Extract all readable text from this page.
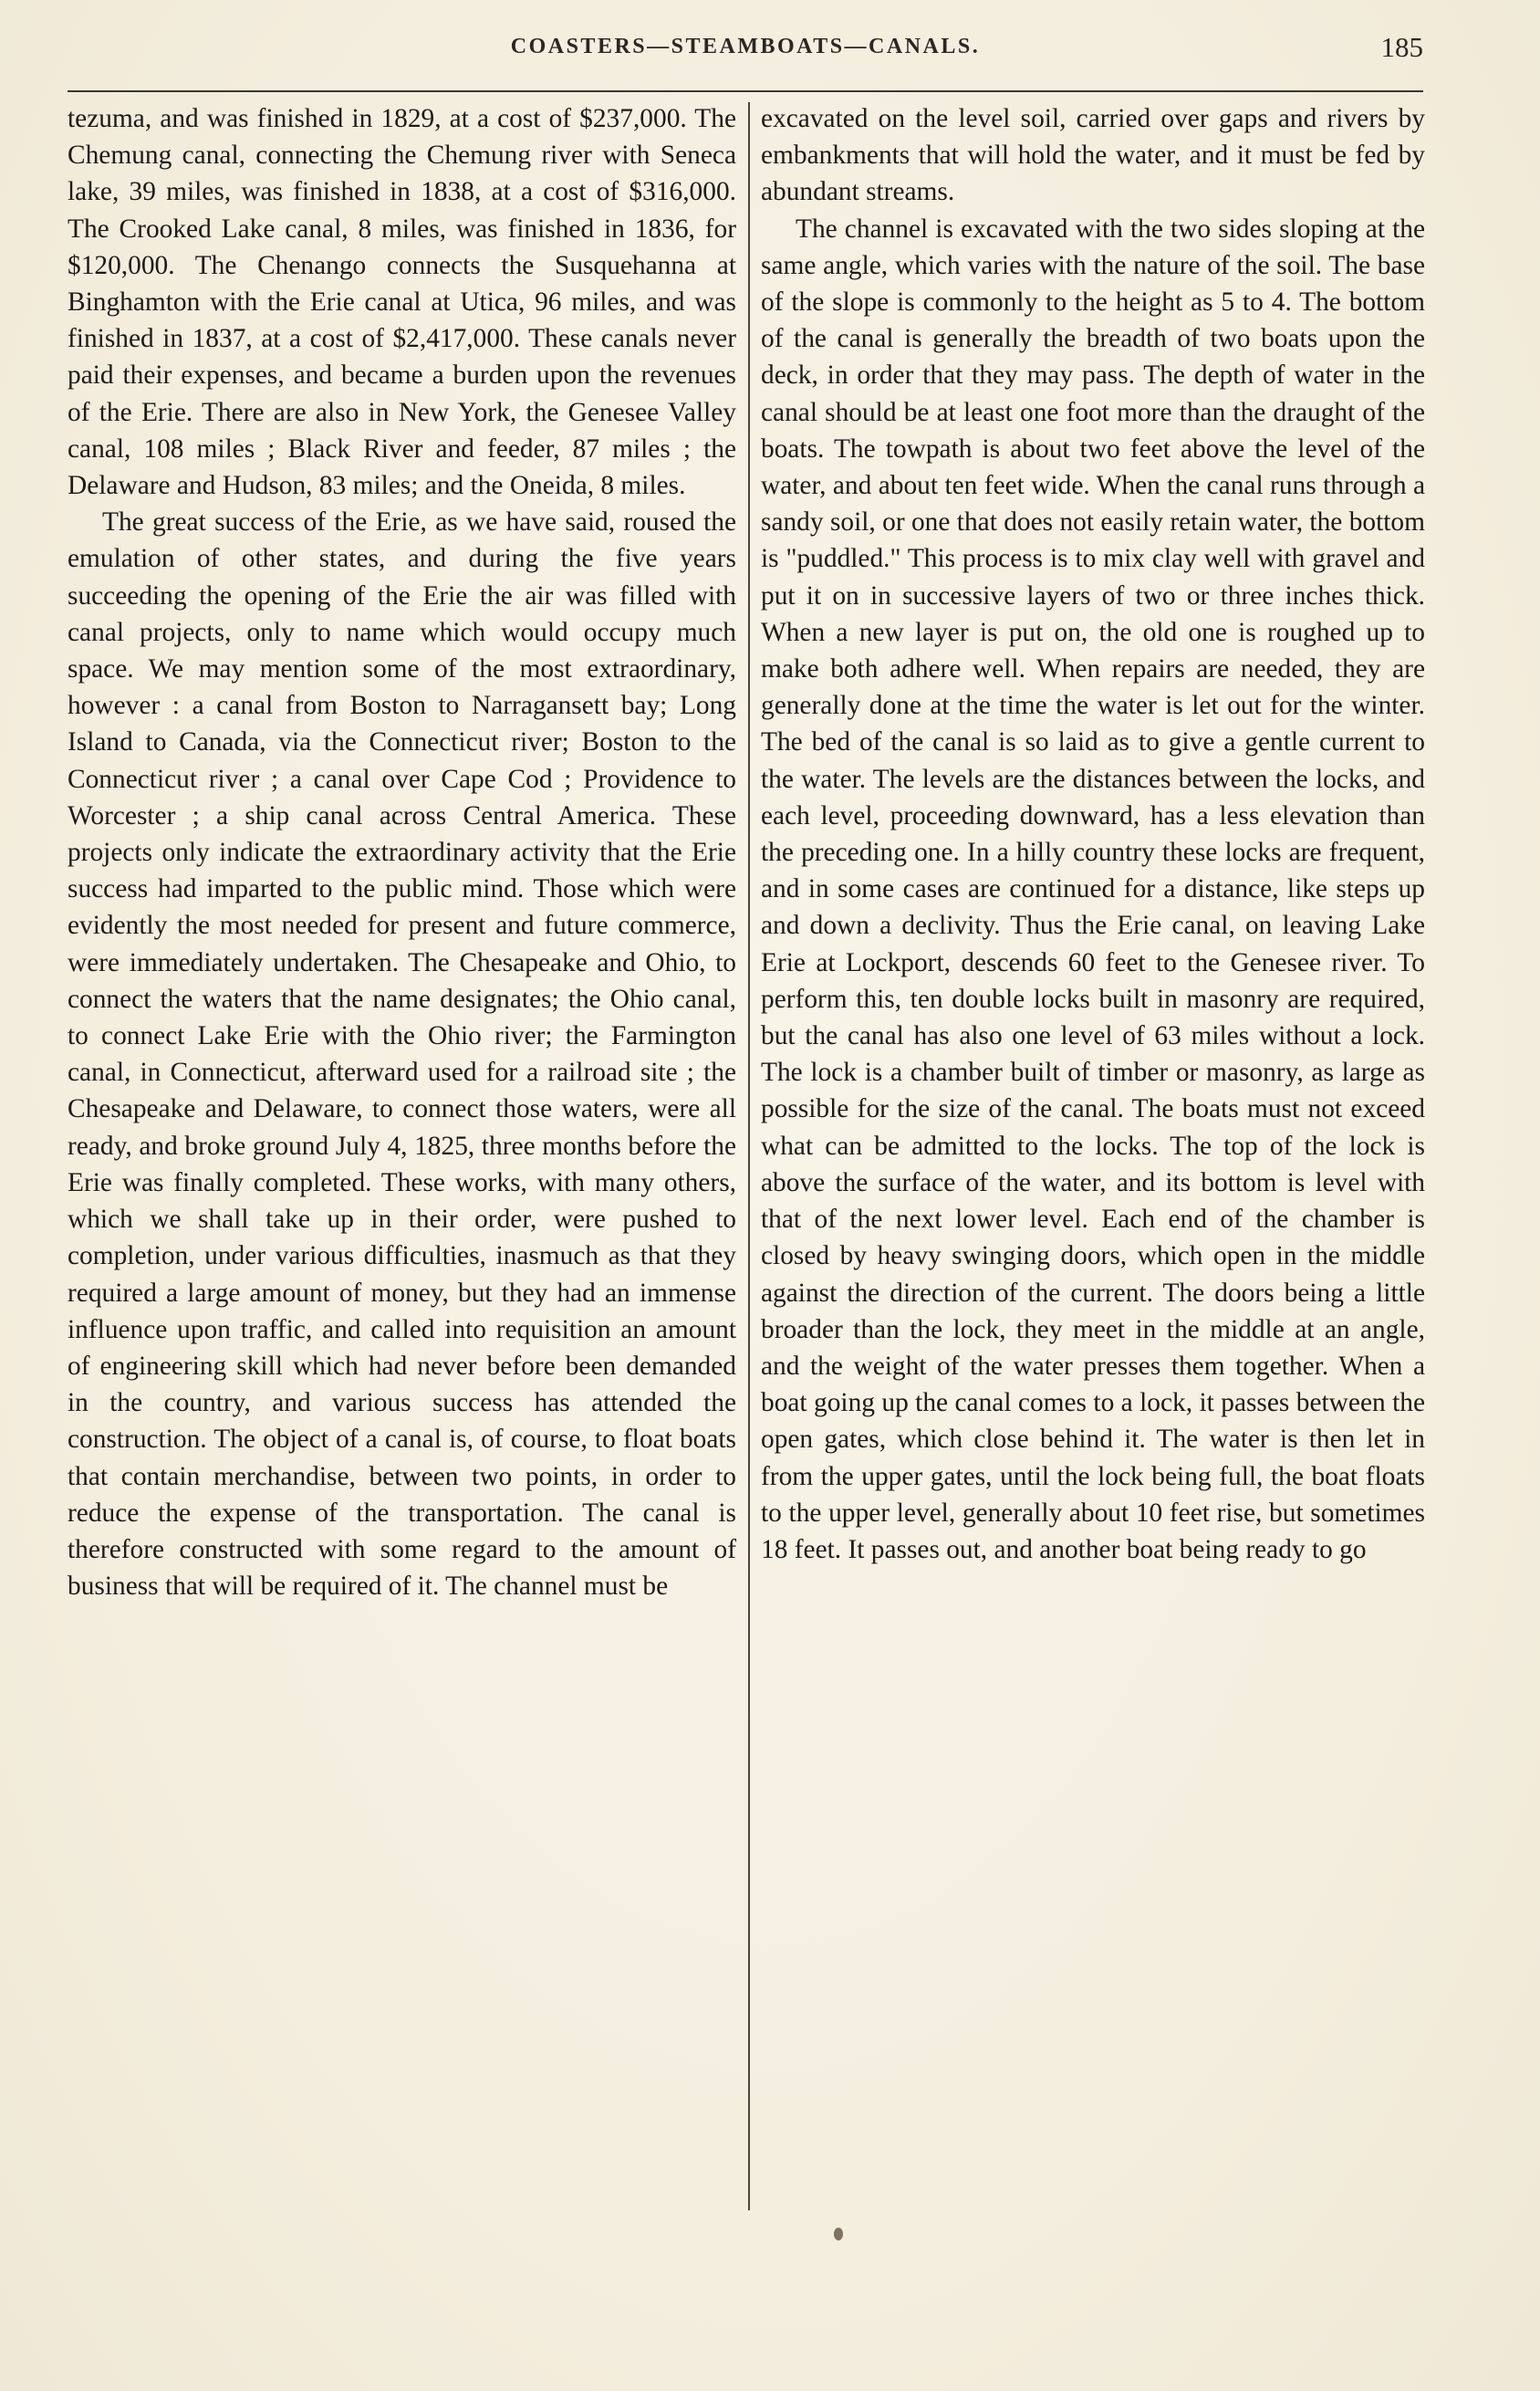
COASTERS—STEAMBOATS—CANALS.	185

tezuma, and was finished in 1829, at a cost of $237,000. The Chemung canal, connecting the Chemung river with Seneca lake, 39 miles, was finished in 1838, at a cost of $316,000. The Crooked Lake canal, 8 miles, was finished in 1836, for $120,000. The Chenango connects the Susquehanna at Binghamton with the Erie canal at Utica, 96 miles, and was finished in 1837, at a cost of $2,417,000. These canals never paid their expenses, and became a burden upon the revenues of the Erie. There are also in New York, the Genesee Valley canal, 108 miles ; Black River and feeder, 87 miles ; the Delaware and Hudson, 83 miles; and the Oneida, 8 miles.

The great success of the Erie, as we have said, roused the emulation of other states, and during the five years succeeding the opening of the Erie the air was filled with canal projects, only to name which would occupy much space. We may mention some of the most extraordinary, however : a canal from Boston to Narragansett bay; Long Island to Canada, via the Connecticut river; Boston to the Connecticut river ; a canal over Cape Cod ; Providence to Worcester ; a ship canal across Central America. These projects only indicate the extraordinary activity that the Erie success had imparted to the public mind. Those which were evidently the most needed for present and future commerce, were immediately undertaken. The Chesapeake and Ohio, to connect the waters that the name designates; the Ohio canal, to connect Lake Erie with the Ohio river; the Farmington canal, in Connecticut, afterward used for a railroad site ; the Chesapeake and Delaware, to connect those waters, were all ready, and broke ground July 4, 1825, three months before the Erie was finally completed. These works, with many others, which we shall take up in their order, were pushed to completion, under various difficulties, inasmuch as that they required a large amount of money, but they had an immense influence upon traffic, and called into requisition an amount of engineering skill which had never before been demanded in the country, and various success has attended the construction. The object of a canal is, of course, to float boats that contain merchandise, between two points, in order to reduce the expense of the transportation. The canal is therefore constructed with some regard to the amount of business that will be required of it. The channel must be

excavated on the level soil, carried over gaps and rivers by embankments that will hold the water, and it must be fed by abundant streams.

The channel is excavated with the two sides sloping at the same angle, which varies with the nature of the soil. The base of the slope is commonly to the height as 5 to 4. The bottom of the canal is generally the breadth of two boats upon the deck, in order that they may pass. The depth of water in the canal should be at least one foot more than the draught of the boats. The towpath is about two feet above the level of the water, and about ten feet wide. When the canal runs through a sandy soil, or one that does not easily retain water, the bottom is "puddled." This process is to mix clay well with gravel and put it on in successive layers of two or three inches thick. When a new layer is put on, the old one is roughed up to make both adhere well. When repairs are needed, they are generally done at the time the water is let out for the winter. The bed of the canal is so laid as to give a gentle current to the water. The levels are the distances between the locks, and each level, proceeding downward, has a less elevation than the preceding one. In a hilly country these locks are frequent, and in some cases are continued for a distance, like steps up and down a declivity. Thus the Erie canal, on leaving Lake Erie at Lockport, descends 60 feet to the Genesee river. To perform this, ten double locks built in masonry are required, but the canal has also one level of 63 miles without a lock. The lock is a chamber built of timber or masonry, as large as possible for the size of the canal. The boats must not exceed what can be admitted to the locks. The top of the lock is above the surface of the water, and its bottom is level with that of the next lower level. Each end of the chamber is closed by heavy swinging doors, which open in the middle against the direction of the current. The doors being a little broader than the lock, they meet in the middle at an angle, and the weight of the water presses them together. When a boat going up the canal comes to a lock, it passes between the open gates, which close behind it. The water is then let in from the upper gates, until the lock being full, the boat floats to the upper level, generally about 10 feet rise, but sometimes 18 feet. It passes out, and another boat being ready to go
